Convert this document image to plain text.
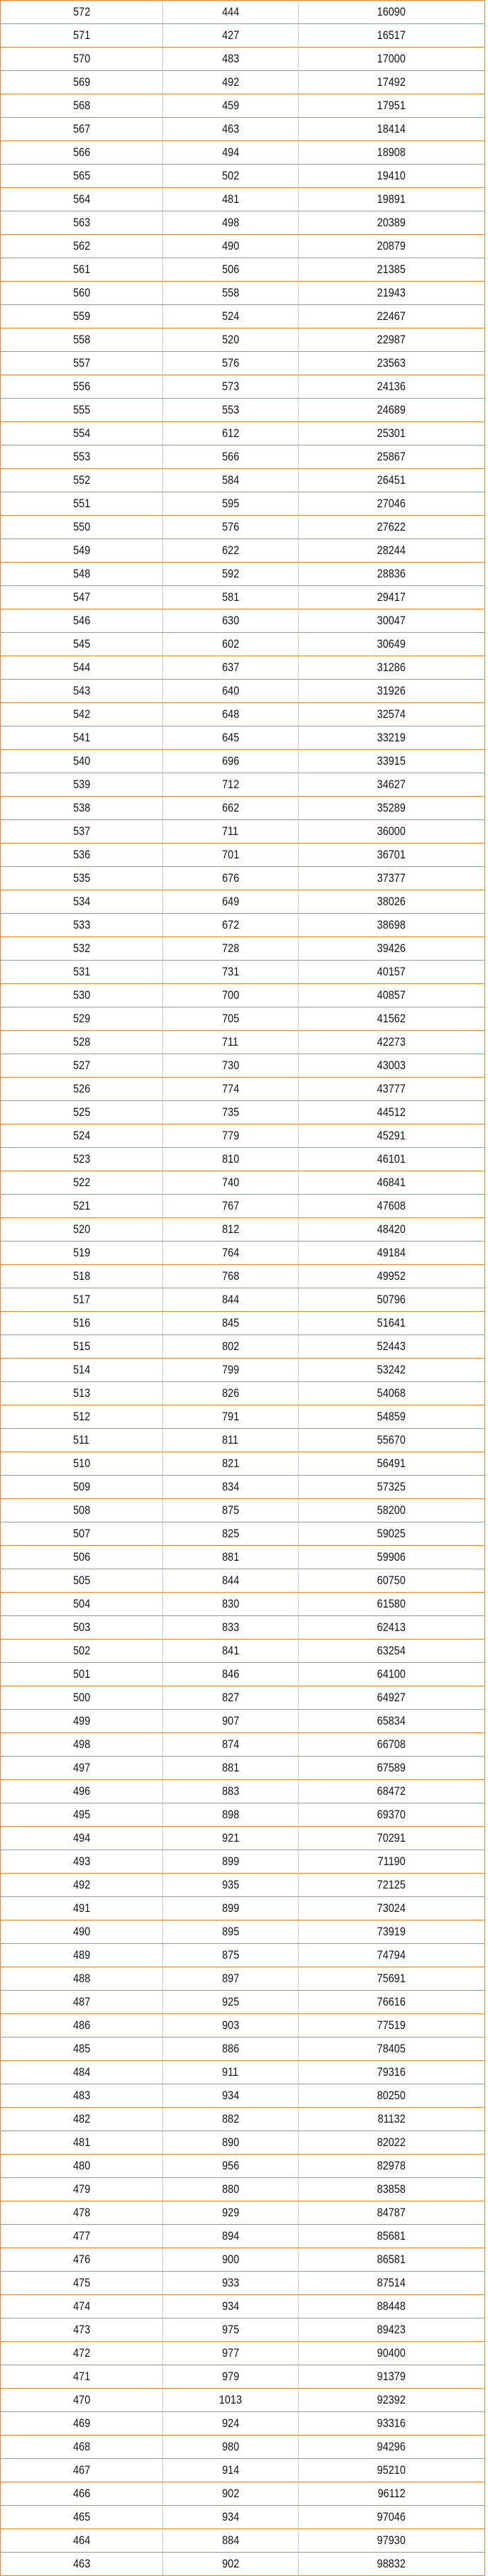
572	444	16090
571	427	16517
570	483	17000
569	492	17492
568	459	17951
567	463	18414
566	494	18908
565	502	19410
564	481	19891
563	498	20389
562	490	20879
561	506	21385
560	558	21943
559	524	22467
558	520	22987
557	576	23563
556	573	24136
555	553	24689
554	612	25301
553	566	25867
552	584	26451
551	595	27046
550	576	27622
549	622	28244
548	592	28836
547	581	29417
546	630	30047
545	602	30649
544	637	31286
543	640	31926
542	648	32574
541	645	33219
540	696	33915
539	712	34627
538	662	35289
537	711	36000
536	701	36701
535	676	37377
534	649	38026
533	672	38698
532	728	39426
531	731	40157
530	700	40857
529	705	41562
528	711	42273
527	730	43003
526	774	43777
525	735	44512
524	779	45291
523	810	46101
522	740	46841
521	767	47608
520	812	48420
519	764	49184
518	768	49952
517	844	50796
516	845	51641
515	802	52443
514	799	53242
513	826	54068
512	791	54859
511	811	55670
510	821	56491
509	834	57325
508	875	58200
507	825	59025
506	881	59906
505	844	60750
504	830	61580
503	833	62413
502	841	63254
501	846	64100
500	827	64927
499	907	65834
498	874	66708
497	881	67589
496	883	68472
495	898	69370
494	921	70291
493	899	71190
492	935	72125
491	899	73024
490	895	73919
489	875	74794
488	897	75691
487	925	76616
486	903	77519
485	886	78405
484	911	79316
483	934	80250
482	882	81132
481	890	82022
480	956	82978
479	880	83858
478	929	84787
477	894	85681
476	900	86581
475	933	87514
474	934	88448
473	975	89423
472	977	90400
471	979	91379
470	1013	92392
469	924	93316
468	980	94296
467	914	95210
466	902	96112
465	934	97046
464	884	97930
463	902	98832
